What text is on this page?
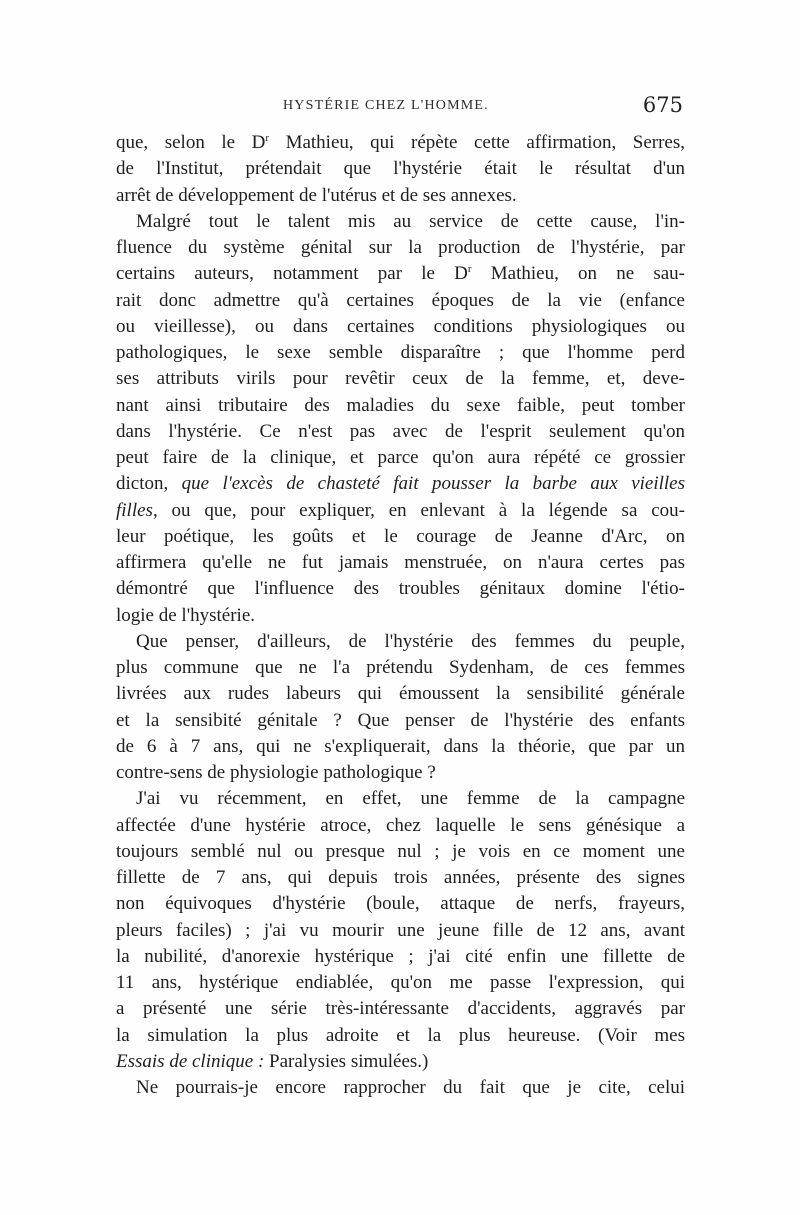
HYSTÉRIE CHEZ L'HOMME.	675
que, selon le $D^r$ Mathieu, qui répète cette affirmation, Serres,
de l'Institut, prétendait que l'hystérie était le résultat d'un
arrêt de développement de l'utérus et de ses annexes.
Malgré tout le talent mis au service de cette cause, l'in-
fluence du système génital sur la production de l'hystérie, par
certains auteurs, notamment par le $D^r$ Mathieu, on ne sau-
rait donc admettre qu'à certaines époques de la vie (enfance
ou vieillesse), ou dans certaines conditions physiologiques ou
pathologiques, le sexe semble disparaître ; que l'homme perd
ses attributs virils pour revêtir ceux de la femme, et, deve-
nant ainsi tributaire des maladies du sexe faible, peut tomber
dans l'hystérie. Ce n'est pas avec de l'esprit seulement qu'on
peut faire de la clinique, et parce qu'on aura répété ce grossier
dicton, que l'excès de chasteté fait pousser la barbe aux vieilles
filles, ou que, pour expliquer, en enlevant à la légende sa cou-
leur poétique, les goûts et le courage de Jeanne d'Arc, on
affirmera qu'elle ne fut jamais menstruée, on n'aura certes pas
démontré que l'influence des troubles génitaux domine l'étio-
logie de l'hystérie.
Que penser, d'ailleurs, de l'hystérie des femmes du peuple,
plus commune que ne l'a prétendu Sydenham, de ces femmes
livrées aux rudes labeurs qui émoussent la sensibilité générale
et la sensibité génitale ? Que penser de l'hystérie des enfants
de 6 à 7 ans, qui ne s'expliquerait, dans la théorie, que par un
contre-sens de physiologie pathologique ?
J'ai vu récemment, en effet, une femme de la campagne
affectée d'une hystérie atroce, chez laquelle le sens génésique a
toujours semblé nul ou presque nul ; je vois en ce moment une
fillette de 7 ans, qui depuis trois années, présente des signes
non équivoques d'hystérie (boule, attaque de nerfs, frayeurs,
pleurs faciles) ; j'ai vu mourir une jeune fille de 12 ans, avant
la nubilité, d'anorexie hystérique ; j'ai cité enfin une fillette de
11 ans, hystérique endiablée, qu'on me passe l'expression, qui
a présenté une série très-intéressante d'accidents, aggravés par
la simulation la plus adroite et la plus heureuse. (Voir mes
Essais de clinique : Paralysies simulées.)
Ne pourrais-je encore rapprocher du fait que je cite, celui
